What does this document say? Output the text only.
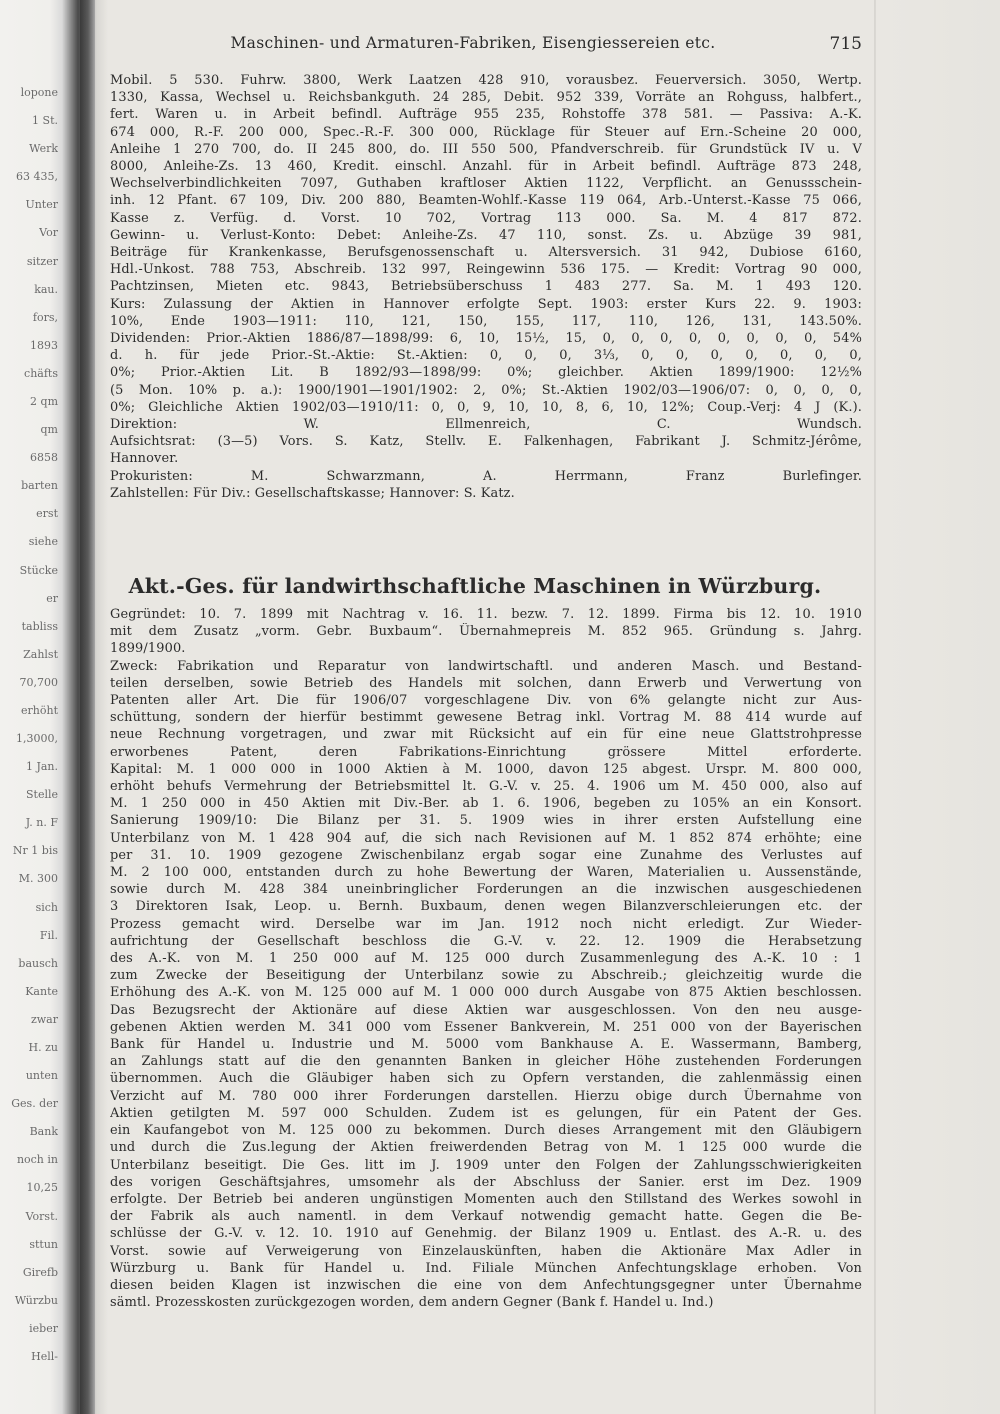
lopone
1 St.
Werk
63 435,
Unter
Vor
sitzer
kau.
fors,
1893
chäfts
2 qm
qm
6858
barten
erst
siehe
Stücke
er
tabliss
Zahlst
70,700
erhöht
1,3000,
1 Jan.
Stelle
J. n. F
Nr 1 bis
M. 300
sich
Fil.
bausch
Kante
zwar
H. zu
unten
Ges. der
Bank
noch in
10,25
Vorst.
sttun
Girefb
Würzbu
ieber
Hell-
Maschinen- und Armaturen-Fabriken, Eisengiessereien etc.	715
Mobil. 5 530. Fuhrw. 3800, Werk Laatzen 428 910, vorausbez. Feuerversich. 3050, Wertp.
1330, Kassa, Wechsel u. Reichsbankguth. 24 285, Debit. 952 339, Vorräte an Rohguss, halbfert.,
fert. Waren u. in Arbeit befindl. Aufträge 955 235, Rohstoffe 378 581. — Passiva: A.-K.
674 000, R.-F. 200 000, Spec.-R.-F. 300 000, Rücklage für Steuer auf Ern.-Scheine 20 000,
Anleihe 1 270 700, do. II 245 800, do. III 550 500, Pfandverschreib. für Grundstück IV u. V
8000, Anleihe-Zs. 13 460, Kredit. einschl. Anzahl. für in Arbeit befindl. Aufträge 873 248,
Wechselverbindlichkeiten 7097, Guthaben kraftloser Aktien 1122, Verpflicht. an Genussschein-
inh. 12 Pfant. 67 109, Div. 200 880, Beamten-Wohlf.-Kasse 119 064, Arb.-Unterst.-Kasse 75 066,
Kasse z. Verfüg. d. Vorst. 10 702, Vortrag 113 000. Sa. M. 4 817 872.
Gewinn- u. Verlust-Konto: Debet: Anleihe-Zs. 47 110, sonst. Zs. u. Abzüge 39 981,
Beiträge für Krankenkasse, Berufsgenossenschaft u. Altersversich. 31 942, Dubiose 6160,
Hdl.-Unkost. 788 753, Abschreib. 132 997, Reingewinn 536 175. — Kredit: Vortrag 90 000,
Pachtzinsen, Mieten etc. 9843, Betriebsüberschuss 1 483 277. Sa. M. 1 493 120.
Kurs: Zulassung der Aktien in Hannover erfolgte Sept. 1903: erster Kurs 22. 9. 1903:
10%, Ende 1903—1911: 110, 121, 150, 155, 117, 110, 126, 131, 143.50%.
Dividenden: Prior.-Aktien 1886/87—1898/99: 6, 10, 15½, 15, 0, 0, 0, 0, 0, 0, 0, 0, 54%
d. h. für jede Prior.-St.-Aktie: St.-Aktien: 0, 0, 0, 3⅓, 0, 0, 0, 0, 0, 0, 0,
0%; Prior.-Aktien Lit. B 1892/93—1898/99: 0%; gleichber. Aktien 1899/1900: 12½%
(5 Mon. 10% p. a.): 1900/1901—1901/1902: 2, 0%; St.-Aktien 1902/03—1906/07: 0, 0, 0, 0,
0%; Gleichliche Aktien 1902/03—1910/11: 0, 0, 9, 10, 10, 8, 6, 10, 12%; Coup.-Verj: 4 J (K.).
Direktion: W. Ellmenreich, C. Wundsch.
Aufsichtsrat: (3—5) Vors. S. Katz, Stellv. E. Falkenhagen, Fabrikant J. Schmitz-Jérôme,
Hannover.
Prokuristen: M. Schwarzmann, A. Herrmann, Franz Burlefinger.
Zahlstellen: Für Div.: Gesellschaftskasse; Hannover: S. Katz.
Akt.-Ges. für landwirthschaftliche Maschinen in Würzburg.
Gegründet: 10. 7. 1899 mit Nachtrag v. 16. 11. bezw. 7. 12. 1899. Firma bis 12. 10. 1910
mit dem Zusatz „vorm. Gebr. Buxbaum“. Übernahmepreis M. 852 965. Gründung s. Jahrg.
1899/1900.
Zweck: Fabrikation und Reparatur von landwirtschaftl. und anderen Masch. und Bestand-
teilen derselben, sowie Betrieb des Handels mit solchen, dann Erwerb und Verwertung von
Patenten aller Art. Die für 1906/07 vorgeschlagene Div. von 6% gelangte nicht zur Aus-
schüttung, sondern der hierfür bestimmt gewesene Betrag inkl. Vortrag M. 88 414 wurde auf
neue Rechnung vorgetragen, und zwar mit Rücksicht auf ein für eine neue Glattstrohpresse
erworbenes Patent, deren Fabrikations-Einrichtung grössere Mittel erforderte.
Kapital: M. 1 000 000 in 1000 Aktien à M. 1000, davon 125 abgest. Urspr. M. 800 000,
erhöht behufs Vermehrung der Betriebsmittel lt. G.-V. v. 25. 4. 1906 um M. 450 000, also auf
M. 1 250 000 in 450 Aktien mit Div.-Ber. ab 1. 6. 1906, begeben zu 105% an ein Konsort.
Sanierung 1909/10: Die Bilanz per 31. 5. 1909 wies in ihrer ersten Aufstellung eine
Unterbilanz von M. 1 428 904 auf, die sich nach Revisionen auf M. 1 852 874 erhöhte; eine
per 31. 10. 1909 gezogene Zwischenbilanz ergab sogar eine Zunahme des Verlustes auf
M. 2 100 000, entstanden durch zu hohe Bewertung der Waren, Materialien u. Aussenstände,
sowie durch M. 428 384 uneinbringlicher Forderungen an die inzwischen ausgeschiedenen
3 Direktoren Isak, Leop. u. Bernh. Buxbaum, denen wegen Bilanzverschleierungen etc. der
Prozess gemacht wird. Derselbe war im Jan. 1912 noch nicht erledigt. Zur Wieder-
aufrichtung der Gesellschaft beschloss die G.-V. v. 22. 12. 1909 die Herabsetzung
des A.-K. von M. 1 250 000 auf M. 125 000 durch Zusammenlegung des A.-K. 10 : 1
zum Zwecke der Beseitigung der Unterbilanz sowie zu Abschreib.; gleichzeitig wurde die
Erhöhung des A.-K. von M. 125 000 auf M. 1 000 000 durch Ausgabe von 875 Aktien beschlossen.
Das Bezugsrecht der Aktionäre auf diese Aktien war ausgeschlossen. Von den neu ausge-
gebenen Aktien werden M. 341 000 vom Essener Bankverein, M. 251 000 von der Bayerischen
Bank für Handel u. Industrie und M. 5000 vom Bankhause A. E. Wassermann, Bamberg,
an Zahlungs statt auf die den genannten Banken in gleicher Höhe zustehenden Forderungen
übernommen. Auch die Gläubiger haben sich zu Opfern verstanden, die zahlenmässig einen
Verzicht auf M. 780 000 ihrer Forderungen darstellen. Hierzu obige durch Übernahme von
Aktien getilgten M. 597 000 Schulden. Zudem ist es gelungen, für ein Patent der Ges.
ein Kaufangebot von M. 125 000 zu bekommen. Durch dieses Arrangement mit den Gläubigern
und durch die Zus.legung der Aktien freiwerdenden Betrag von M. 1 125 000 wurde die
Unterbilanz beseitigt. Die Ges. litt im J. 1909 unter den Folgen der Zahlungsschwierigkeiten
des vorigen Geschäftsjahres, umsomehr als der Abschluss der Sanier. erst im Dez. 1909
erfolgte. Der Betrieb bei anderen ungünstigen Momenten auch den Stillstand des Werkes sowohl in
der Fabrik als auch namentl. in dem Verkauf notwendig gemacht hatte. Gegen die Be-
schlüsse der G.-V. v. 12. 10. 1910 auf Genehmig. der Bilanz 1909 u. Entlast. des A.-R. u. des
Vorst. sowie auf Verweigerung von Einzelauskünften, haben die Aktionäre Max Adler in
Würzburg u. Bank für Handel u. Ind. Filiale München Anfechtungsklage erhoben. Von
diesen beiden Klagen ist inzwischen die eine von dem Anfechtungsgegner unter Übernahme
sämtl. Prozesskosten zurückgezogen worden, dem andern Gegner (Bank f. Handel u. Ind.)
